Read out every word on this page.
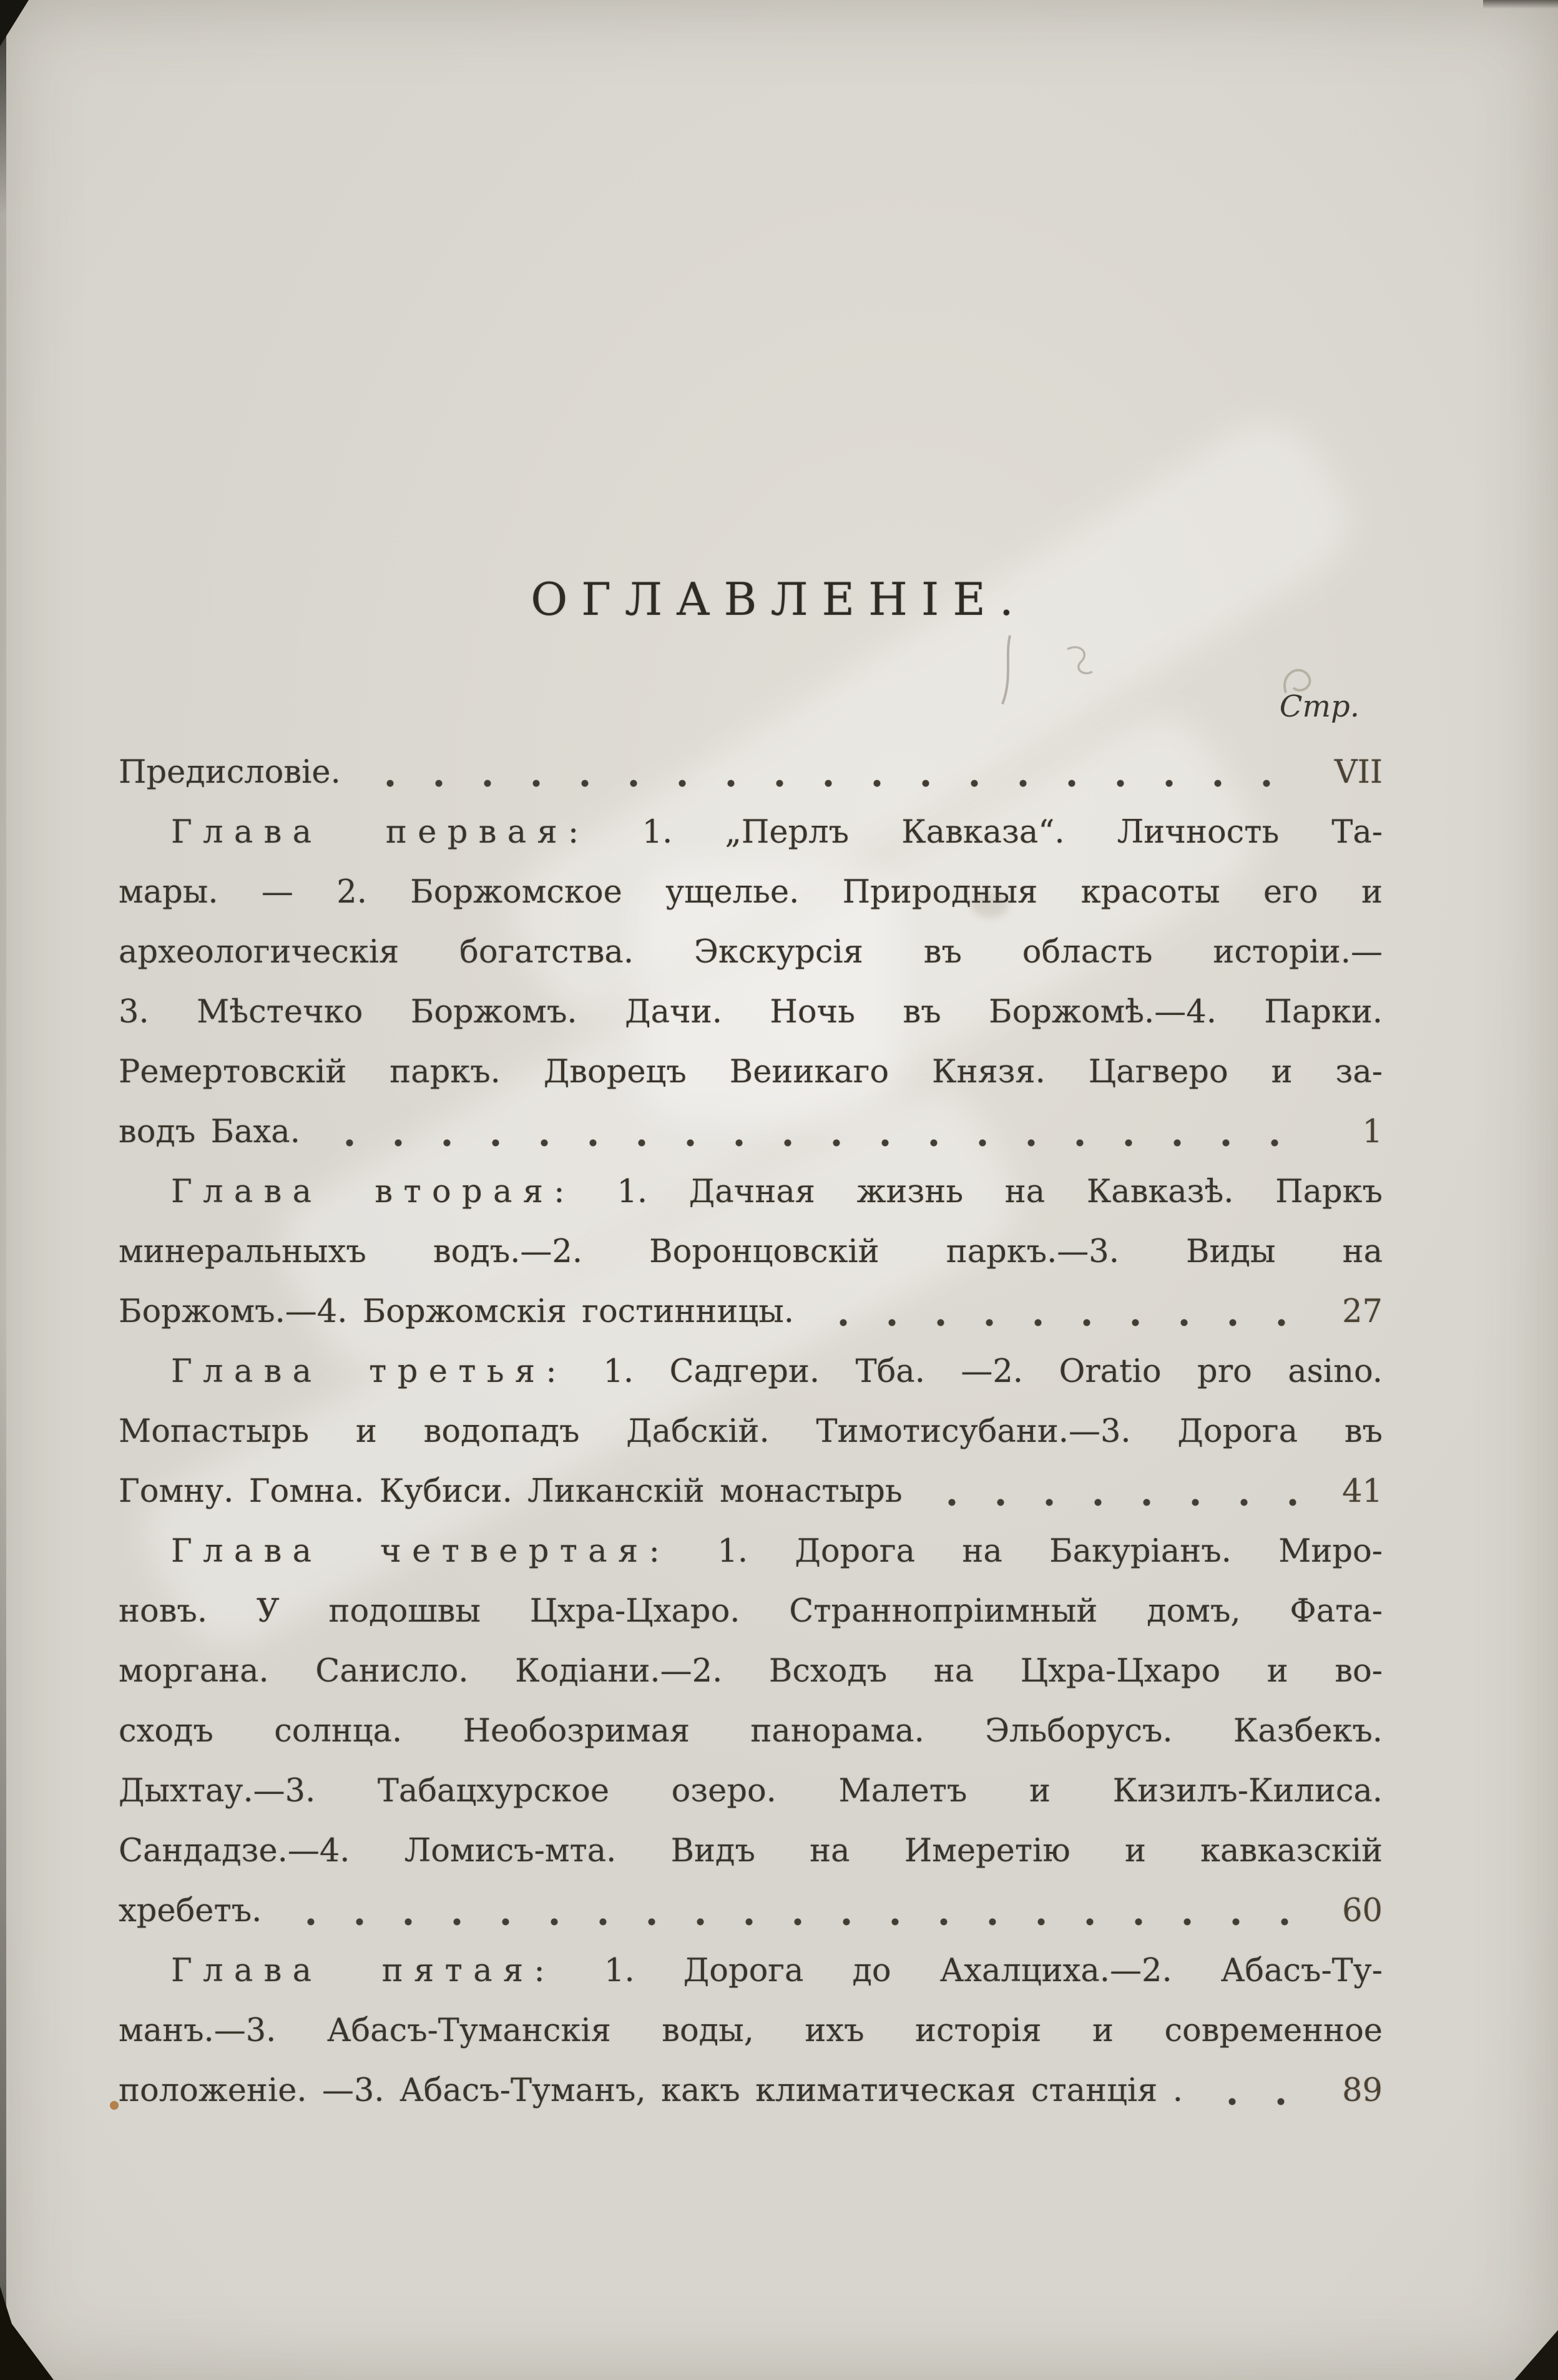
ОГЛАВЛЕНІЕ.
Стр.
Предисловіе.	VII
Глава первая: 1. „Перлъ Кавказа“. Личность Та-
мары. — 2. Боржомское ущелье. Природныя красоты его и
археологическія богатства. Экскурсія въ область исторіи.—
3. Мѣстечко Боржомъ. Дачи. Ночь въ Боржомѣ.—4. Парки.
Ремертовскій паркъ. Дворецъ Веиикаго Князя. Цагверо и за-
водъ Баха.	1
Глава вторая: 1. Дачная жизнь на Кавказѣ. Паркъ
минеральныхъ водъ.—2. Воронцовскій паркъ.—3. Виды на
Боржомъ.—4. Боржомскія гостинницы.	27
Глава третья: 1. Садгери. Тба. —2. Oratio pro asino.
Мопастырь и водопадъ Дабскій. Тимотисубани.—3. Дорога въ
Гомну. Гомна. Кубиси. Ликанскій монастырь	41
Глава четвертая: 1. Дорога на Бакуріанъ. Миро-
новъ. У подошвы Цхра-Цхаро. Страннопріимный домъ, Фата-
моргана. Санисло. Кодіани.—2. Всходъ на Цхра-Цхаро и во-
сходъ солнца. Необозримая панорама. Эльборусъ. Казбекъ.
Дыхтау.—3. Табацхурское озеро. Малетъ и Кизилъ-Килиса.
Сандадзе.—4. Ломисъ-мта. Видъ на Имеретію и кавказскій
хребетъ.	60
Глава пятая: 1. Дорога до Ахалциха.—2. Абасъ-Ту-
манъ.—3. Абасъ-Туманскія воды, ихъ исторія и современное
положеніе. —3. Абасъ-Туманъ, какъ климатическая станція .	89
